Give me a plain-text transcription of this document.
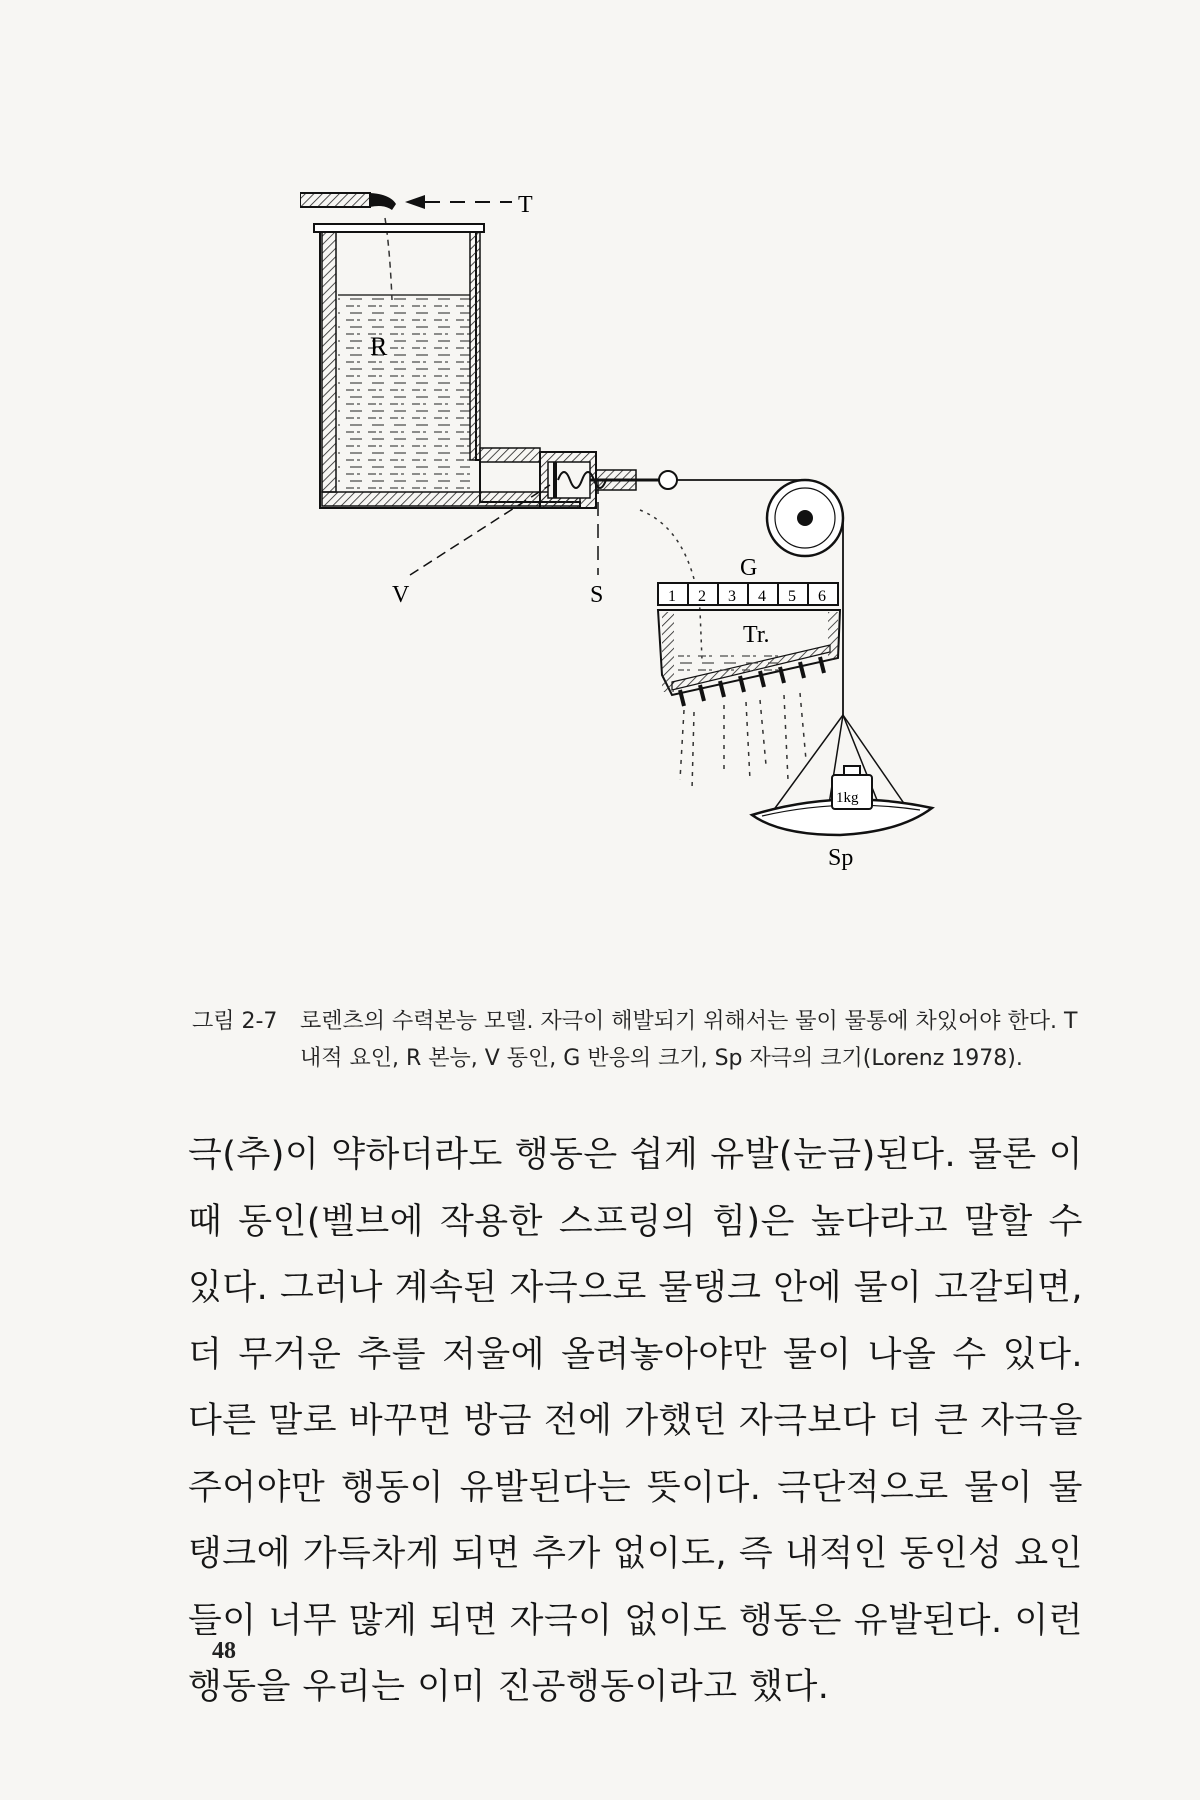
T
R
V	S
G
1 2 3 4 5 6
Tr.
1kg
Sp
그림 2-7	로렌츠의 수력본능 모델. 자극이 해발되기 위해서는 물이 물통에 차있어야 한다. T 내적 요인, R 본능, V 동인, G 반응의 크기, Sp 자극의 크기(Lorenz 1978).
극(추)이 약하더라도 행동은 쉽게 유발(눈금)된다. 물론 이때 동인(벨브에 작용한 스프링의 힘)은 높다라고 말할 수 있다. 그러나 계속된 자극으로 물탱크 안에 물이 고갈되면, 더 무거운 추를 저울에 올려놓아야만 물이 나올 수 있다. 다른 말로 바꾸면 방금 전에 가했던 자극보다 더 큰 자극을 주어야만 행동이 유발된다는 뜻이다. 극단적으로 물이 물탱크에 가득차게 되면 추가 없이도, 즉 내적인 동인성 요인들이 너무 많게 되면 자극이 없이도 행동은 유발된다. 이런 행동을 우리는 이미 진공행동이라고 했다.
48
